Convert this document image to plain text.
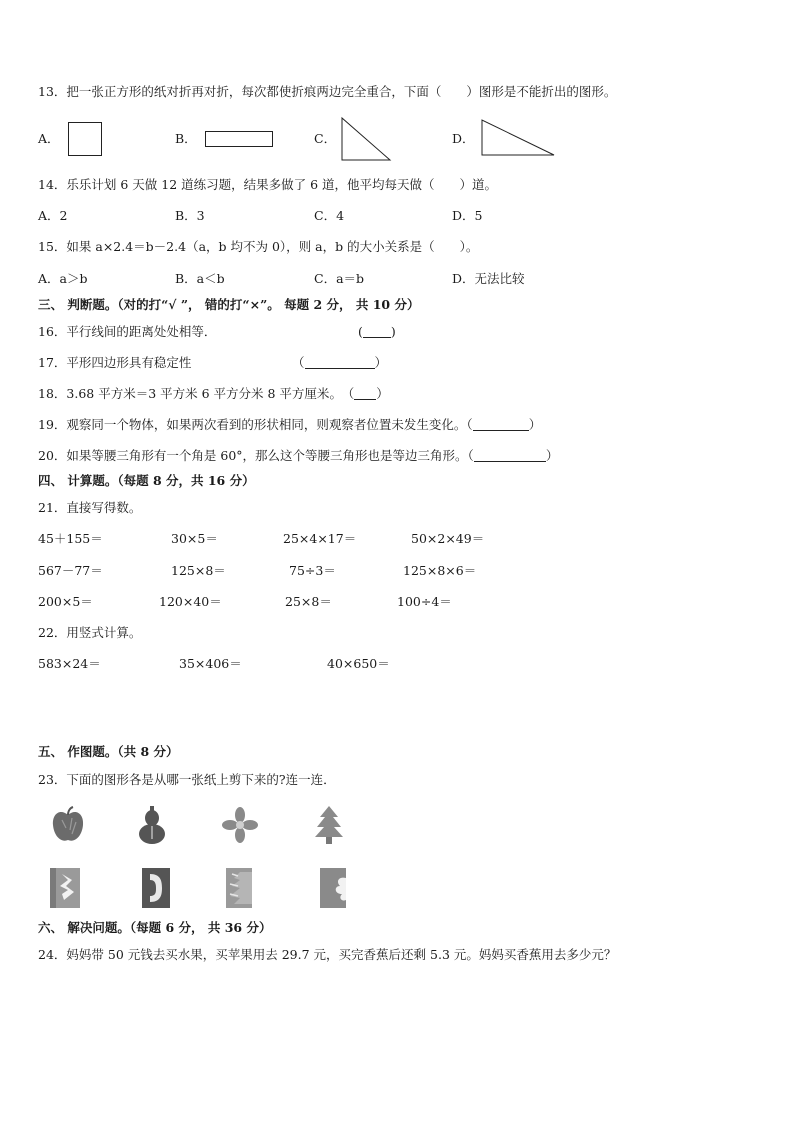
13．把一张正方形的纸对折再对折，每次都使折痕两边完全重合，下面（　　）图形是不能折出的图形。
A．	B．	C．	D．
14．乐乐计划 6 天做 12 道练习题，结果多做了 6 道，他平均每天做（　　）道。
A．2	B．3	C．4	D．5
15．如果 a×2.4＝b－2.4（a，b 均不为 0），则 a，b 的大小关系是（　　）。
A．a＞b	B．a＜b	C．a＝b	D．无法比较
三、 判断题。（对的打“√ ”， 错的打“×”。 每题 2 分， 共 10 分）
16．平行线间的距离处处相等．	( )
17．平形四边形具有稳定性	（	）
18．3.68 平方米＝3 平方米 6 平方分米 8 平方厘米。 （ ）
19．观察同一个物体，如果两次看到的形状相同，则观察者位置未发生变化。（	）
20．如果等腰三角形有一个角是 60°，那么这个等腰三角形也是等边三角形。（	）
四、 计算题。（每题 8 分，共 16 分）
21．直接写得数。
45＋155＝	30×5＝	25×4×17＝	50×2×49＝
567－77＝	125×8＝	75÷3＝	125×8×6＝
200×5＝	120×40＝	25×8＝	100÷4＝
22．用竖式计算。
583×24＝	35×406＝	40×650＝
五、 作图题。（共 8 分）
23．下面的图形各是从哪一张纸上剪下来的?连一连．
六、 解决问题。（每题 6 分， 共 36 分）
24．妈妈带 50 元钱去买水果，买苹果用去 29.7 元，买完香蕉后还剩 5.3 元。妈妈买香蕉用去多少元？
